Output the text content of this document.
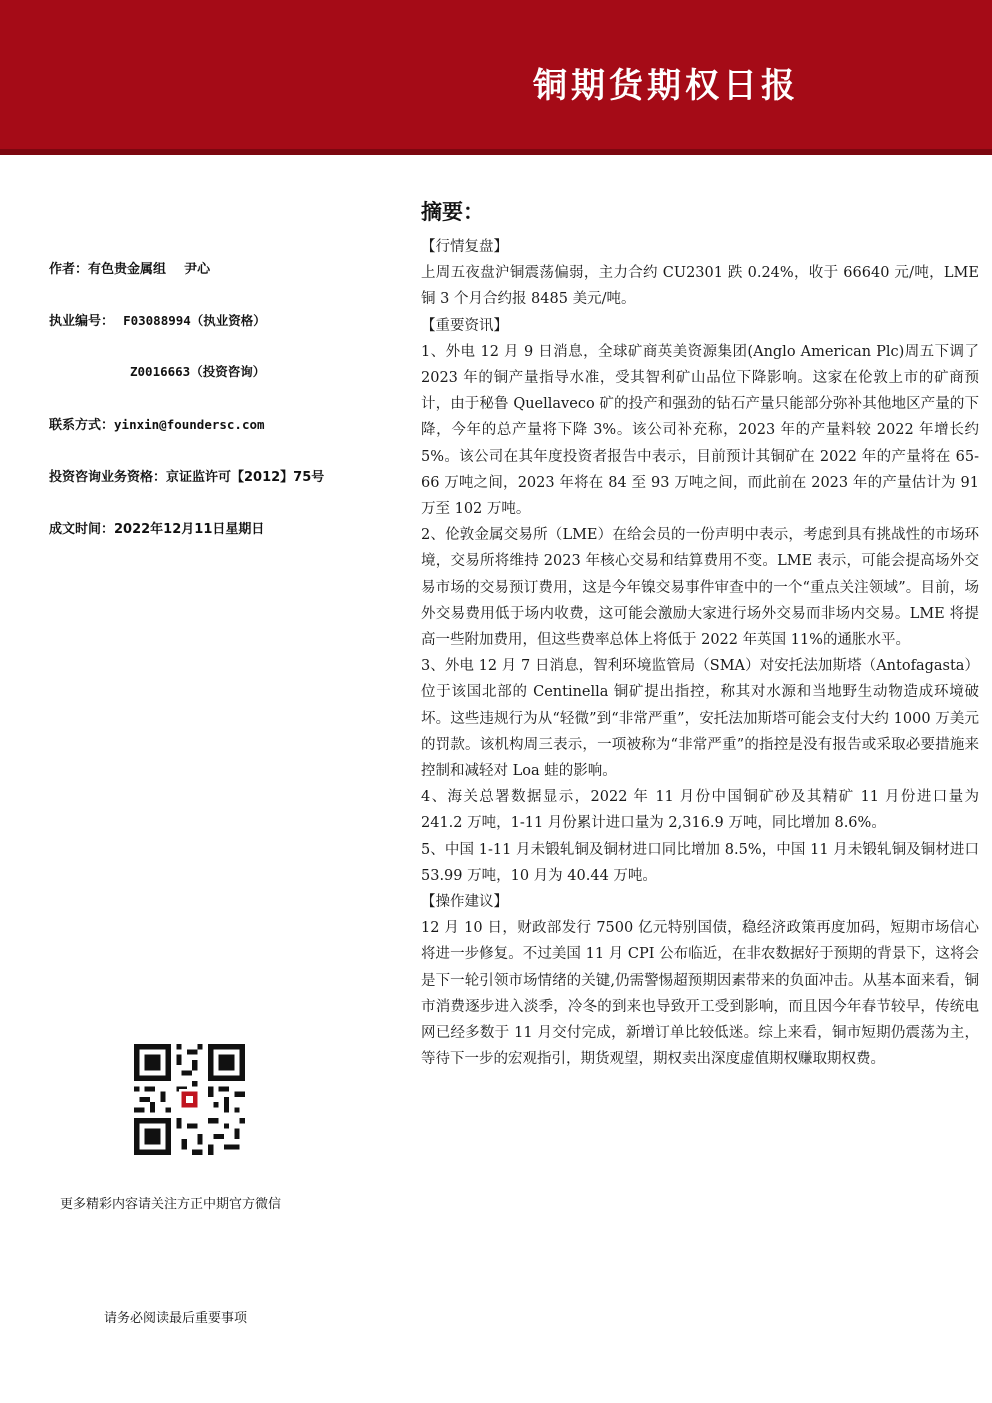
铜期货期权日报
作者：有色贵金属组 尹心
执业编号： F03088994（执业资格）
Z0016663（投资咨询）
联系方式：yinxin@foundersc.com
投资咨询业务资格：京证监许可【2012】75号
成文时间：2022年12月11日星期日
更多精彩内容请关注方正中期官方微信
请务必阅读最后重要事项
摘要：

【行情复盘】

上周五夜盘沪铜震荡偏弱，主力合约 CU2301 跌 0.24%，收于 66640 元/吨，LME 铜 3 个月合约报 8485 美元/吨。

【重要资讯】

1、外电 12 月 9 日消息，全球矿商英美资源集团(Anglo American Plc)周五下调了 2023 年的铜产量指导水准，受其智利矿山品位下降影响。这家在伦敦上市的矿商预计，由于秘鲁 Quellaveco 矿的投产和强劲的钻石产量只能部分弥补其他地区产量的下降，今年的总产量将下降 3%。该公司补充称，2023 年的产量料较 2022 年增长约 5%。该公司在其年度投资者报告中表示，目前预计其铜矿在 2022 年的产量将在 65-66 万吨之间，2023 年将在 84 至 93 万吨之间，而此前在 2023 年的产量估计为 91 万至 102 万吨。

2、伦敦金属交易所（LME）在给会员的一份声明中表示，考虑到具有挑战性的市场环境，交易所将维持 2023 年核心交易和结算费用不变。LME 表示，可能会提高场外交易市场的交易预订费用，这是今年镍交易事件审查中的一个“重点关注领域”。目前，场外交易费用低于场内收费，这可能会激励大家进行场外交易而非场内交易。LME 将提高一些附加费用，但这些费率总体上将低于 2022 年英国 11%的通胀水平。

3、外电 12 月 7 日消息，智利环境监管局（SMA）对安托法加斯塔（Antofagasta）位于该国北部的 Centinella 铜矿提出指控，称其对水源和当地野生动物造成环境破坏。这些违规行为从“轻微”到“非常严重”，安托法加斯塔可能会支付大约 1000 万美元的罚款。该机构周三表示，一项被称为“非常严重”的指控是没有报告或采取必要措施来控制和减轻对 Loa 蛙的影响。

4、海关总署数据显示，2022 年 11 月份中国铜矿砂及其精矿 11 月份进口量为 241.2 万吨，1-11 月份累计进口量为 2,316.9 万吨，同比增加 8.6%。

5、中国 1-11 月未锻轧铜及铜材进口同比增加 8.5%，中国 11 月未锻轧铜及铜材进口 53.99 万吨，10 月为 40.44 万吨。

【操作建议】

12 月 10 日，财政部发行 7500 亿元特别国债，稳经济政策再度加码，短期市场信心将进一步修复。不过美国 11 月 CPI 公布临近，在非农数据好于预期的背景下，这将会是下一轮引领市场情绪的关键,仍需警惕超预期因素带来的负面冲击。从基本面来看，铜市消费逐步进入淡季，冷冬的到来也导致开工受到影响，而且因今年春节较早，传统电网已经多数于 11 月交付完成，新增订单比较低迷。综上来看，铜市短期仍震荡为主，等待下一步的宏观指引，期货观望，期权卖出深度虚值期权赚取期权费。
